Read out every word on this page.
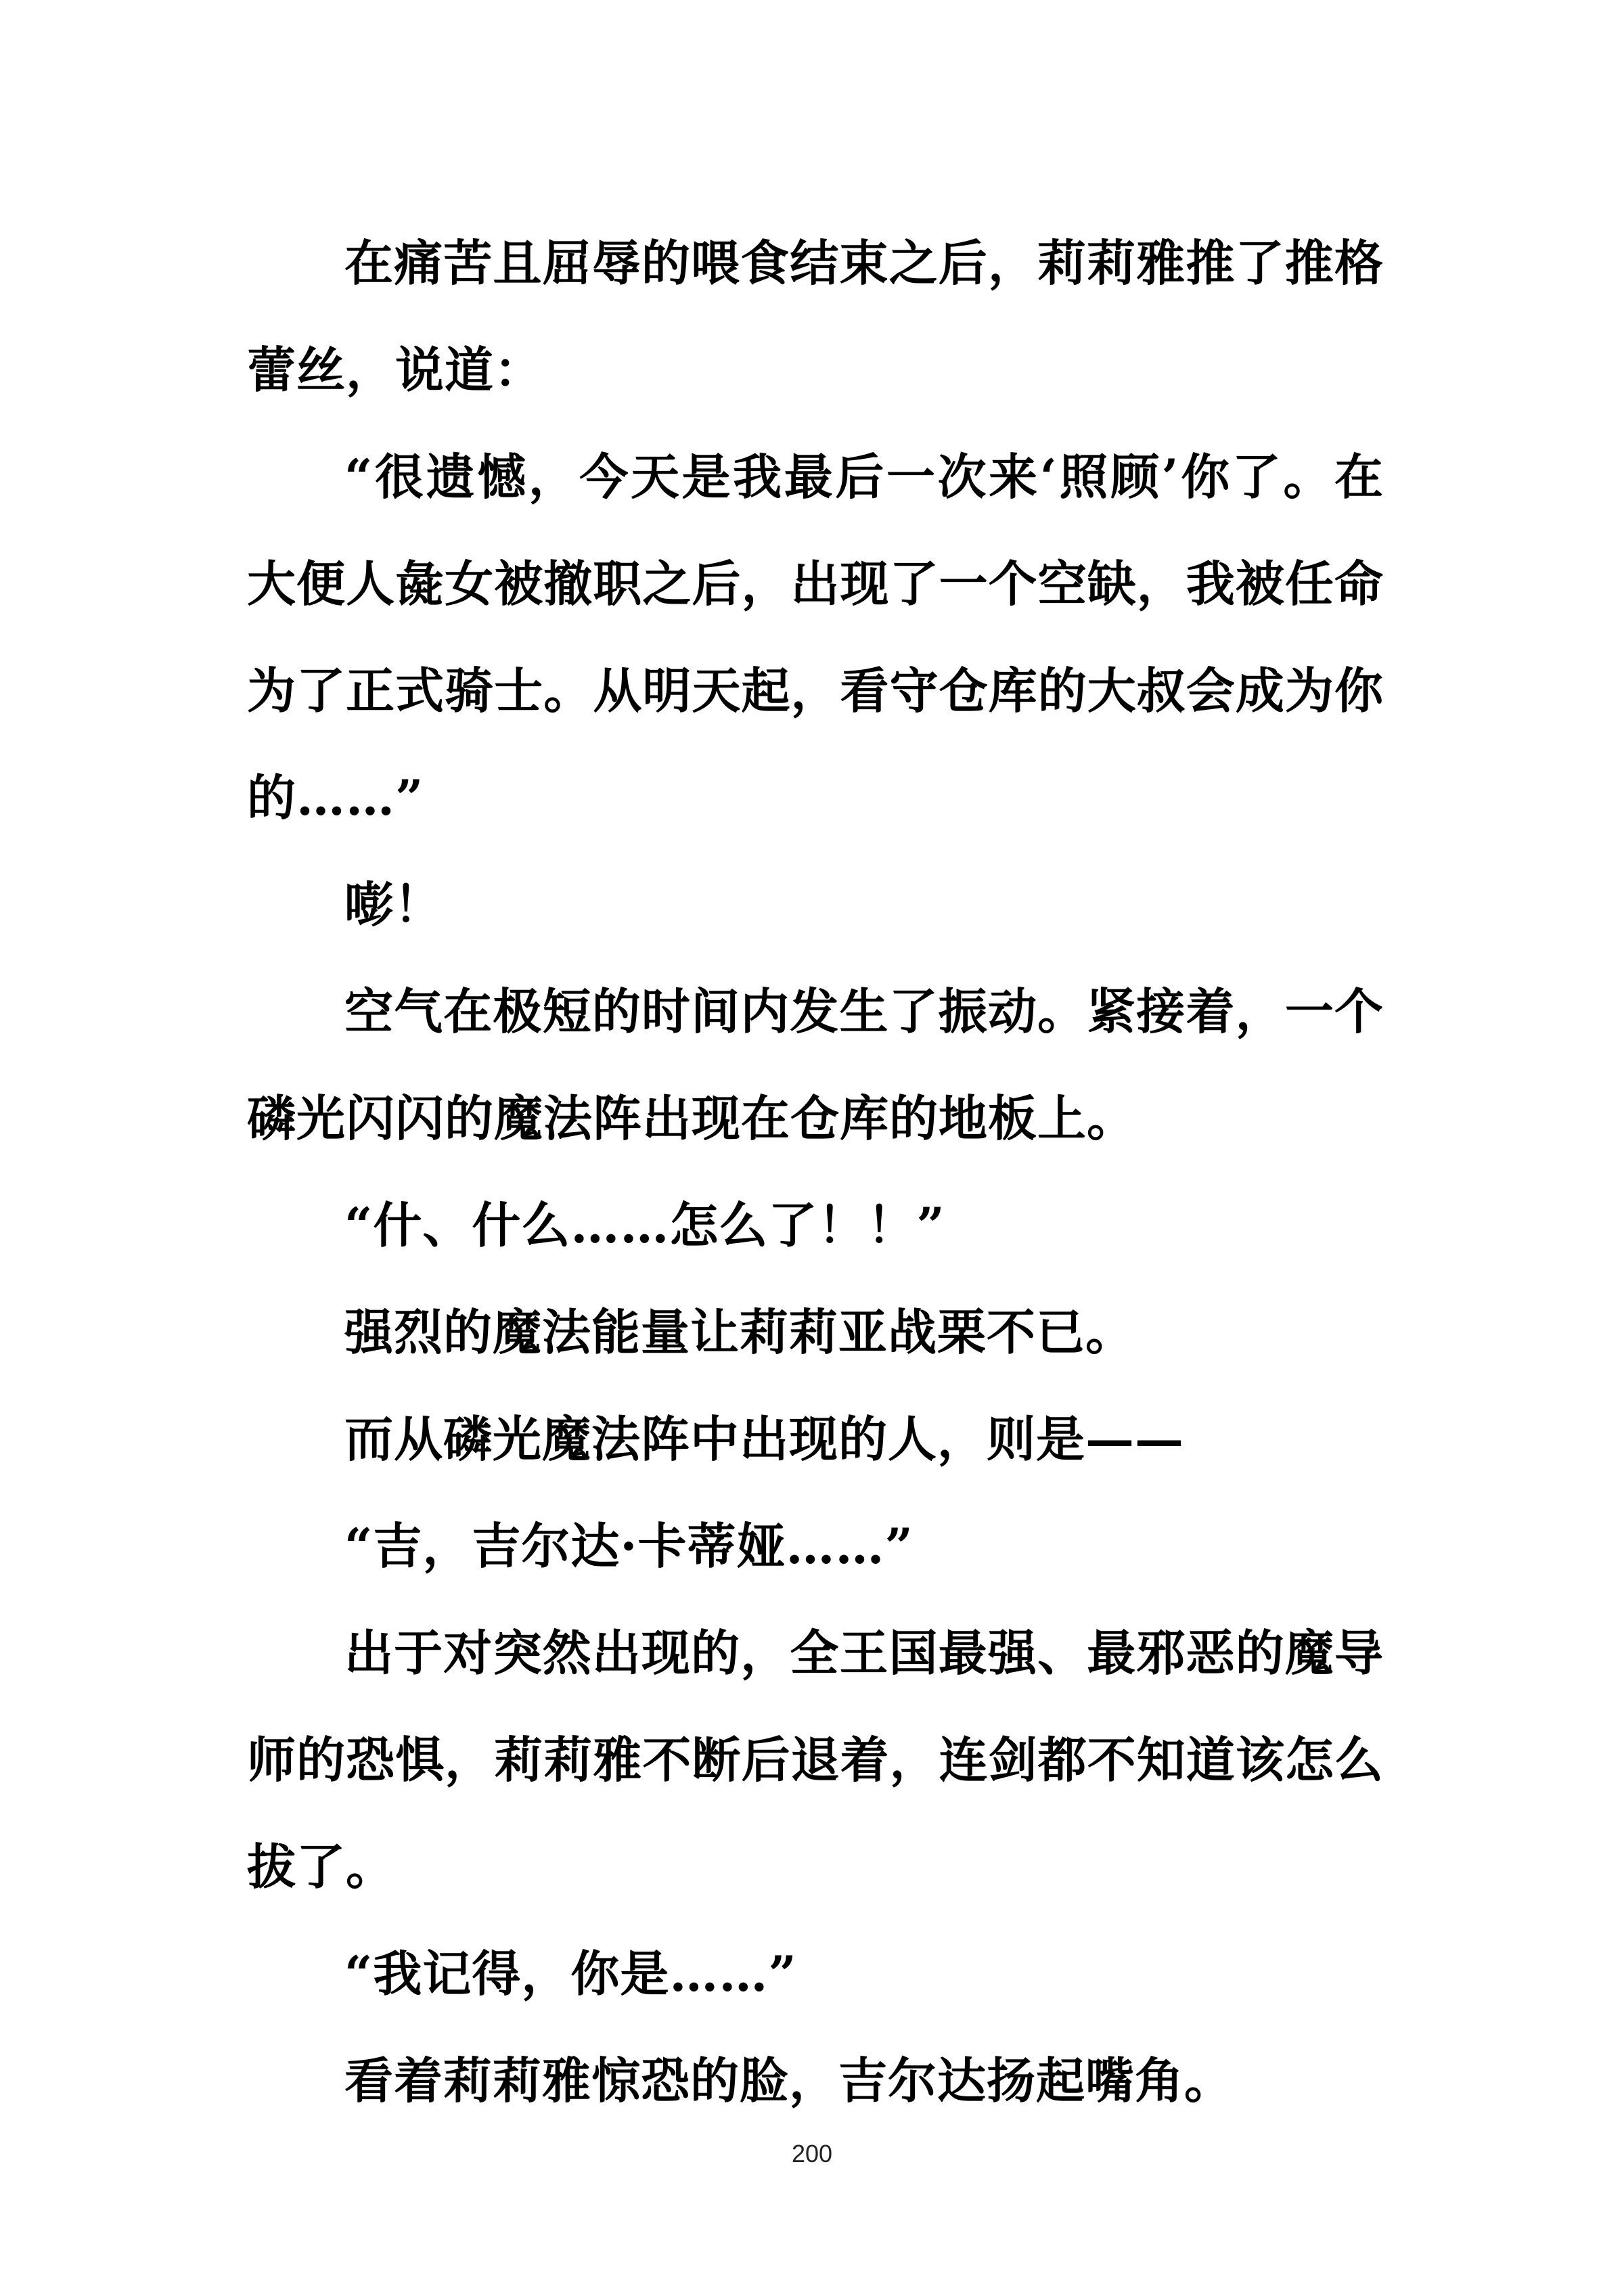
在痛苦且屈辱的喂食结束之后，莉莉雅推了推格蕾丝，说道：

“很遗憾，今天是我最后一次来‘照顾’你了。在大便人彘女被撤职之后，出现了一个空缺，我被任命为了正式骑士。从明天起，看守仓库的大叔会成为你的……”

嘭！

空气在极短的时间内发生了振动。紧接着，一个磷光闪闪的魔法阵出现在仓库的地板上。

“什、什么……怎么了！！”

强烈的魔法能量让莉莉亚战栗不已。

而从磷光魔法阵中出现的人，则是——

“吉，吉尔达·卡蒂娅……”

出于对突然出现的，全王国最强、最邪恶的魔导师的恐惧，莉莉雅不断后退着，连剑都不知道该怎么拔了。

“我记得，你是……”

看着莉莉雅惊恐的脸，吉尔达扬起嘴角。

200
